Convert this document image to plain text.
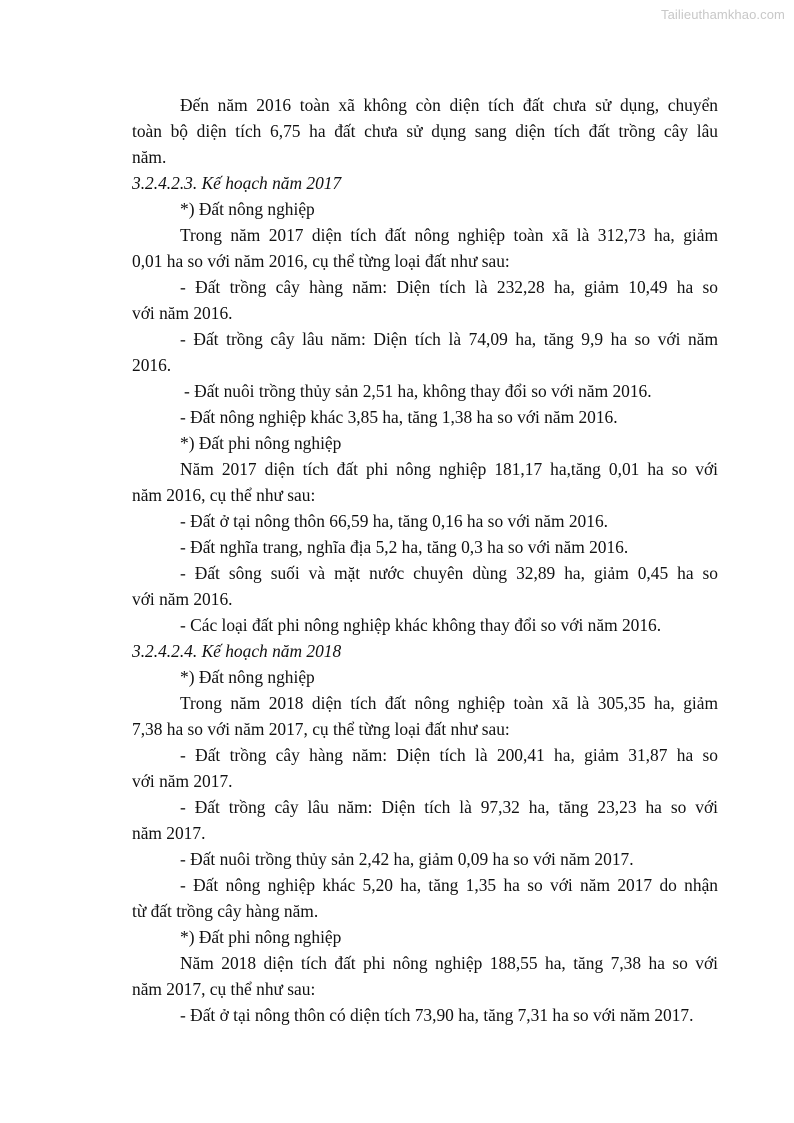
Tailieuthamkhao.com
Đến năm 2016 toàn xã không còn diện tích đất chưa sử dụng, chuyển
toàn bộ diện tích 6,75 ha đất chưa sử dụng sang diện tích đất trồng cây lâu
năm.
3.2.4.2.3. Kế hoạch năm 2017
*) Đất nông nghiệp
Trong năm 2017 diện tích đất nông nghiệp toàn xã là 312,73 ha, giảm
0,01 ha so với năm 2016, cụ thể từng loại đất như sau:
- Đất trồng cây hàng năm: Diện tích là 232,28 ha, giảm 10,49 ha so
với năm 2016.
- Đất trồng cây lâu năm: Diện tích là 74,09 ha, tăng 9,9 ha so với năm
2016.
- Đất nuôi trồng thủy sản 2,51 ha, không thay đổi so với năm 2016.
- Đất nông nghiệp khác 3,85 ha, tăng 1,38 ha so với năm 2016.
*) Đất phi nông nghiệp
Năm 2017 diện tích đất phi nông nghiệp 181,17 ha,tăng 0,01 ha so với
năm 2016, cụ thể như sau:
- Đất ở tại nông thôn 66,59 ha, tăng 0,16 ha so với năm 2016.
- Đất nghĩa trang, nghĩa địa 5,2 ha, tăng 0,3 ha so với năm 2016.
- Đất sông suối và mặt nước chuyên dùng 32,89 ha, giảm 0,45 ha so
với năm 2016.
- Các loại đất phi nông nghiệp khác không thay đổi so với năm 2016.
3.2.4.2.4. Kế hoạch năm 2018
*) Đất nông nghiệp
Trong năm 2018 diện tích đất nông nghiệp toàn xã là 305,35 ha, giảm
7,38 ha so với năm 2017, cụ thể từng loại đất như sau:
- Đất trồng cây hàng năm: Diện tích là 200,41 ha, giảm 31,87 ha so
với năm 2017.
- Đất trồng cây lâu năm: Diện tích là 97,32 ha, tăng 23,23 ha so với
năm 2017.
- Đất nuôi trồng thủy sản 2,42 ha, giảm 0,09 ha so với năm 2017.
- Đất nông nghiệp khác 5,20 ha, tăng 1,35 ha so với năm 2017 do nhận
từ đất trồng cây hàng năm.
*) Đất phi nông nghiệp
Năm 2018 diện tích đất phi nông nghiệp 188,55 ha, tăng 7,38 ha so với
năm 2017, cụ thể như sau:
- Đất ở tại nông thôn có diện tích 73,90 ha, tăng 7,31 ha so với năm 2017.
